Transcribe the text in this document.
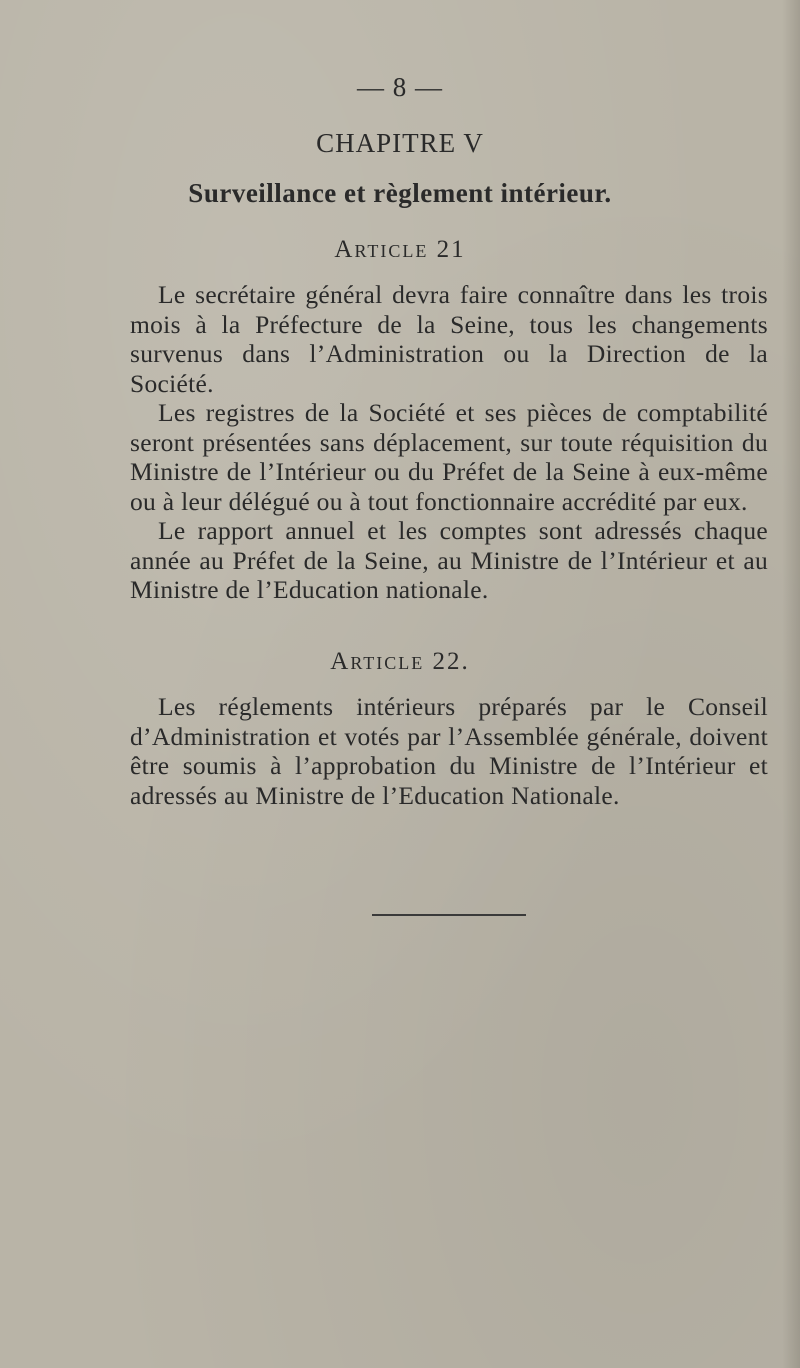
— 8 —
CHAPITRE V
Surveillance et règlement intérieur.
Article 21

Le secrétaire général devra faire connaître dans les trois mois à la Préfecture de la Seine, tous les changements survenus dans l’Administration ou la Direction de la Société.

Les registres de la Société et ses pièces de comptabilité seront présentées sans déplacement, sur toute réquisition du Ministre de l’Intérieur ou du Préfet de la Seine à eux-même ou à leur délégué ou à tout fonctionnaire accrédité par eux.

Le rapport annuel et les comptes sont adressés chaque année au Préfet de la Seine, au Ministre de l’Intérieur et au Ministre de l’Education nationale.

Article 22.

Les réglements intérieurs préparés par le Conseil d’Administration et votés par l’Assemblée générale, doivent être soumis à l’approbation du Ministre de l’Intérieur et adressés au Ministre de l’Education Nationale.
